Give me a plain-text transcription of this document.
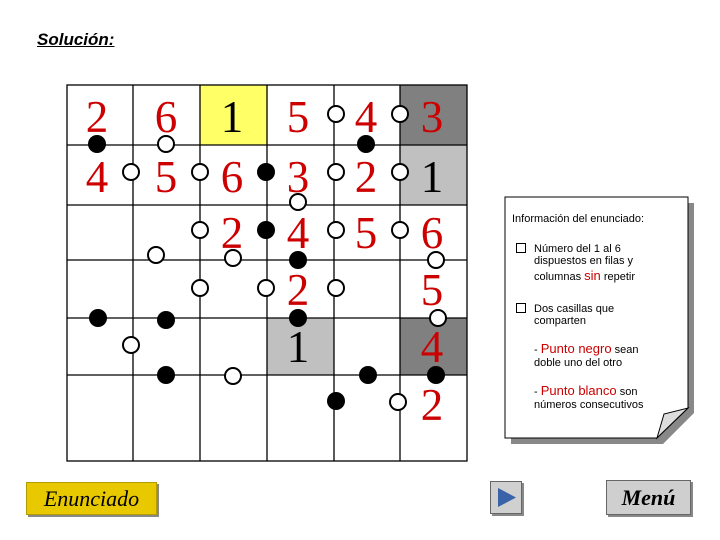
Solución:
2 6 1 5 4 3
4 5 6 3 2 1
2 4 5 6
2 5
1 4
2
Información del enunciado:
Número del 1 al 6
dispuestos en filas y
columnas sin repetir
Dos casillas que
comparten
- Punto negro sean
doble uno del otro
- Punto blanco son
números consecutivos
Enunciado	Menú
